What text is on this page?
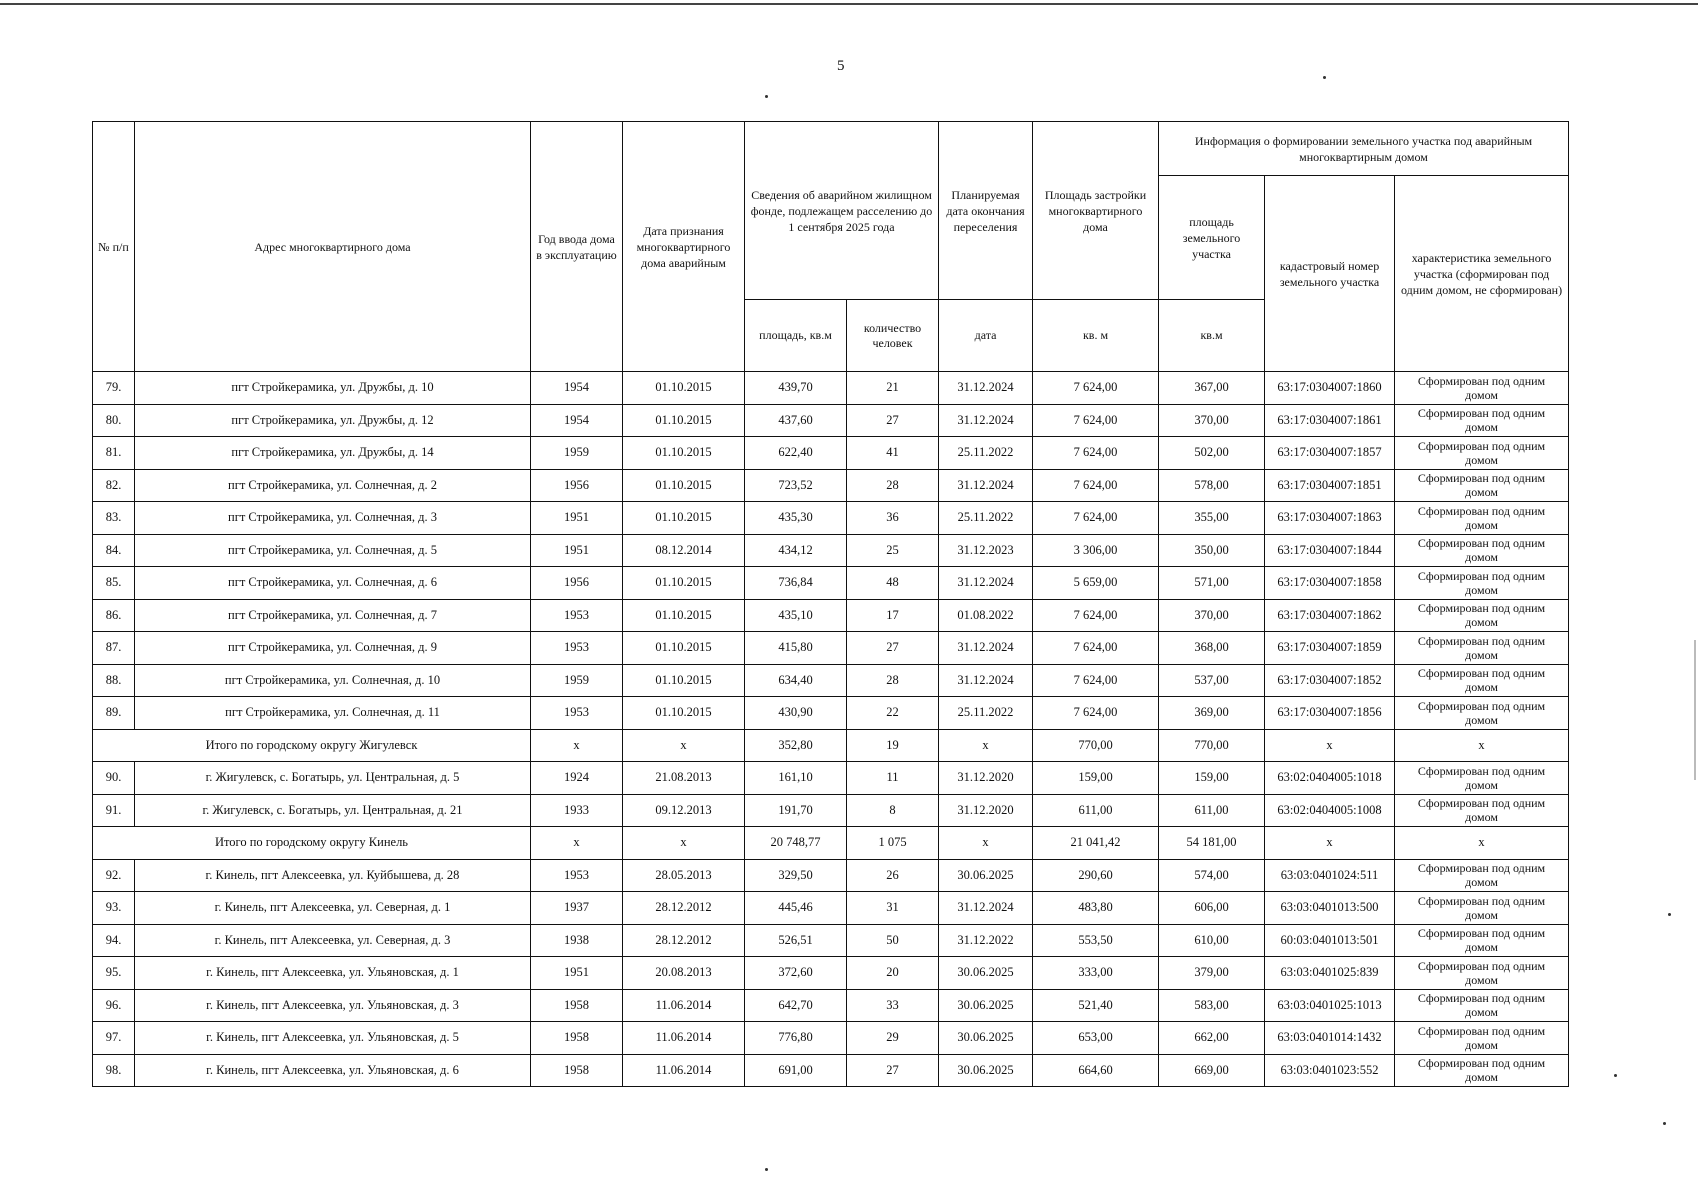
5
№ п/п	Адрес многоквартирного дома	Год ввода дома в эксплуатацию	Дата признания многоквартирного дома аварийным	Сведения об аварийном жилищном фонде, подлежащем расселению до 1 сентября 2025 года		Планируемая дата окончания переселения	Площадь застройки многоквартирного дома	Информация о формировании земельного участка под аварийным многоквартирным домом		
								площадь земельного участка	кадастровый номер земельного участка	характеристика земельного участка (сформирован под одним домом, не сформирован)
				площадь, кв.м	количество человек	дата	кв. м	кв.м		
79.	пгт Стройкерамика, ул. Дружбы, д. 10	1954	01.10.2015	439,70	21	31.12.2024	7 624,00	367,00	63:17:0304007:1860	Сформирован под одним
домом

80.	пгт Стройкерамика, ул. Дружбы, д. 12	1954	01.10.2015	437,60	27	31.12.2024	7 624,00	370,00	63:17:0304007:1861	Сформирован под одним
домом

81.	пгт Стройкерамика, ул. Дружбы, д. 14	1959	01.10.2015	622,40	41	25.11.2022	7 624,00	502,00	63:17:0304007:1857	Сформирован под одним
домом

82.	пгт Стройкерамика, ул. Солнечная, д. 2	1956	01.10.2015	723,52	28	31.12.2024	7 624,00	578,00	63:17:0304007:1851	Сформирован под одним
домом

83.	пгт Стройкерамика, ул. Солнечная, д. 3	1951	01.10.2015	435,30	36	25.11.2022	7 624,00	355,00	63:17:0304007:1863	Сформирован под одним
домом

84.	пгт Стройкерамика, ул. Солнечная, д. 5	1951	08.12.2014	434,12	25	31.12.2023	3 306,00	350,00	63:17:0304007:1844	Сформирован под одним
домом

85.	пгт Стройкерамика, ул. Солнечная, д. 6	1956	01.10.2015	736,84	48	31.12.2024	5 659,00	571,00	63:17:0304007:1858	Сформирован под одним
домом

86.	пгт Стройкерамика, ул. Солнечная, д. 7	1953	01.10.2015	435,10	17	01.08.2022	7 624,00	370,00	63:17:0304007:1862	Сформирован под одним
домом

87.	пгт Стройкерамика, ул. Солнечная, д. 9	1953	01.10.2015	415,80	27	31.12.2024	7 624,00	368,00	63:17:0304007:1859	Сформирован под одним
домом

88.	пгт Стройкерамика, ул. Солнечная, д. 10	1959	01.10.2015	634,40	28	31.12.2024	7 624,00	537,00	63:17:0304007:1852	Сформирован под одним
домом

89.	пгт Стройкерамика, ул. Солнечная, д. 11	1953	01.10.2015	430,90	22	25.11.2022	7 624,00	369,00	63:17:0304007:1856	Сформирован под одним
домом

Итого по городскому округу Жигулевск		x	x	352,80	19	x	770,00	770,00	x	x
90.	г. Жигулевск, с. Богатырь, ул. Центральная, д. 5	1924	21.08.2013	161,10	11	31.12.2020	159,00	159,00	63:02:0404005:1018	Сформирован под одним
домом

91.	г. Жигулевск, с. Богатырь, ул. Центральная, д. 21	1933	09.12.2013	191,70	8	31.12.2020	611,00	611,00	63:02:0404005:1008	Сформирован под одним
домом

Итого по городскому округу Кинель		x	x	20 748,77	1 075	x	21 041,42	54 181,00	x	x
92.	г. Кинель, пгт Алексеевка, ул. Куйбышева, д. 28	1953	28.05.2013	329,50	26	30.06.2025	290,60	574,00	63:03:0401024:511	Сформирован под одним
домом

93.	г. Кинель, пгт Алексеевка, ул. Северная, д. 1	1937	28.12.2012	445,46	31	31.12.2024	483,80	606,00	63:03:0401013:500	Сформирован под одним
домом

94.	г. Кинель, пгт Алексеевка, ул. Северная, д. 3	1938	28.12.2012	526,51	50	31.12.2022	553,50	610,00	60:03:0401013:501	Сформирован под одним
домом

95.	г. Кинель, пгт Алексеевка, ул. Ульяновская, д. 1	1951	20.08.2013	372,60	20	30.06.2025	333,00	379,00	63:03:0401025:839	Сформирован под одним
домом

96.	г. Кинель, пгт Алексеевка, ул. Ульяновская, д. 3	1958	11.06.2014	642,70	33	30.06.2025	521,40	583,00	63:03:0401025:1013	Сформирован под одним
домом

97.	г. Кинель, пгт Алексеевка, ул. Ульяновская, д. 5	1958	11.06.2014	776,80	29	30.06.2025	653,00	662,00	63:03:0401014:1432	Сформирован под одним
домом

98.	г. Кинель, пгт Алексеевка, ул. Ульяновская, д. 6	1958	11.06.2014	691,00	27	30.06.2025	664,60	669,00	63:03:0401023:552	Сформирован под одним
домом
